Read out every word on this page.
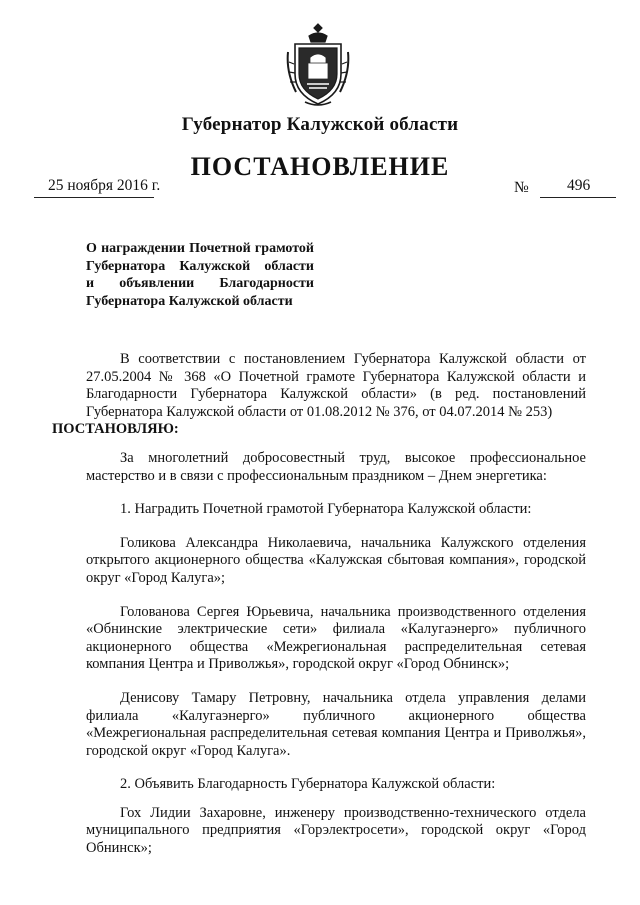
Губернатор Калужской области
ПОСТАНОВЛЕНИЕ
25 ноября 2016 г.	№ 496
О награждении Почетной грамотой
Губернатора Калужской области
и объявлении Благодарности
Губернатора Калужской области

В соответствии с постановлением Губернатора Калужской области от 27.05.2004 № 368 «О Почетной грамоте Губернатора Калужской области и Благодарности Губернатора Калужской области» (в ред. постановлений Губернатора Калужской области от 01.08.2012 № 376, от 04.07.2014 № 253)
ПОСТАНОВЛЯЮ:

За многолетний добросовестный труд, высокое профессиональное мастерство и в связи с профессиональным праздником – Днем энергетика:

1. Наградить Почетной грамотой Губернатора Калужской области:

Голикова Александра Николаевича, начальника Калужского отделения открытого акционерного общества «Калужская сбытовая компания», городской округ «Город Калуга»;

Голованова Сергея Юрьевича, начальника производственного отделения «Обнинские электрические сети» филиала «Калугаэнерго» публичного акционерного общества «Межрегиональная распределительная сетевая компания Центра и Приволжья», городской округ «Город Обнинск»;

Денисову Тамару Петровну, начальника отдела управления делами филиала «Калугаэнерго» публичного акционерного общества «Межрегиональная распределительная сетевая компания Центра и Приволжья», городской округ «Город Калуга».

2. Объявить Благодарность Губернатора Калужской области:

Гох Лидии Захаровне, инженеру производственно-технического отдела муниципального предприятия «Горэлектросети», городской округ «Город Обнинск»;
